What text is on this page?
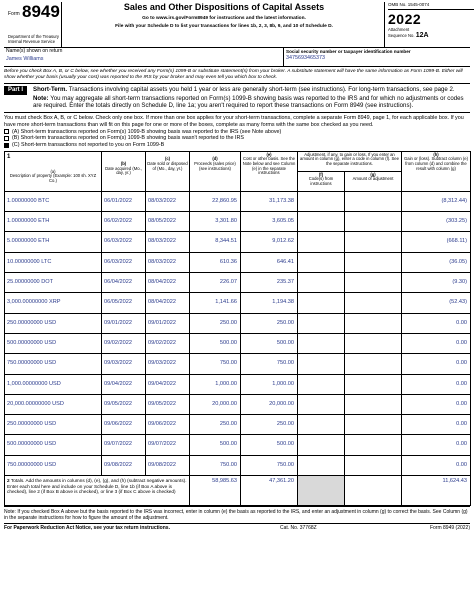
Form 8949
Department of the Treasury
Internal Revenue Service
Sales and Other Dispositions of Capital Assets
Go to www.irs.gov/Form8949 for instructions and the latest information.
File with your Schedule D to list your transactions for lines 1b, 2, 3, 8b, 9, and 10 of Schedule D.
OMB No. 1545-0074
2022
Attachment
Sequence No. 12A
Name(s) shown on return
James Williams
Social security number or taxpayer identification number
3475693465373
Before you check Box A, B, or C below, see whether you received any Form(s) 1099-B or substitute statement(s) from your broker. A substitute statement will have the same information as Form 1099-B. Either will show whether your basis (usually your cost) was reported to the IRS by your broker and may even tell you which box to check.
Part I	Short-Term. Transactions involving capital assets you held 1 year or less are generally short-term (see instructions). For long-term transactions, see page 2.
Note: You may aggregate all short-term transactions reported on Form(s) 1099-B showing basis was reported to the IRS and for which no adjustments or codes are required. Enter the totals directly on Schedule D, line 1a; you aren't required to report these transactions on Form 8949 (see instructions).
You must check Box A, B, or C below. Check only one box. If more than one box applies for your short-term transactions, complete a separate Form 8949, page 1, for each applicable box. If you have more short-term transactions than will fit on this page for one or more of the boxes, complete as many forms with the same box checked as you need.
(A) Short-term transactions reported on Form(s) 1099-B showing basis was reported to the IRS (see Note above)
(B) Short-term transactions reported on Form(s) 1099-B showing basis wasn't reported to the IRS
(C) Short-term transactions not reported to you on Form 1099-B
1

(a)
Description of property (Example: 100 sh. XYZ Co.)	(b)
Date acquired (Mo., day, yr.)	(c)
Date sold or disposed of (Mo., day, yr.)	(d)
Proceeds (sales price) (see instructions)	(e)
Cost or other basis. See the Note below and see Column (e) in the separate instructions	Adjustment, if any, to gain or loss. If you enter an amount in column (g), enter a code in column (f). See the separate instructions.		(h)
Gain or (loss). Subtract column (e) from column (d) and combine the result with column (g)

					(f)
Code(s) from instructions	(g)
Amount of adjustment	
1.00000000 BTC	06/01/2022	08/03/2022	22,860.95	31,173.38			(8,312.44)
1.00000000 ETH	06/02/2022	08/05/2022	3,301.80	3,605.05			(303.25)
5.00000000 ETH	06/03/2022	08/03/2022	8,344.51	9,012.62			(668.11)
10.00000000 LTC	06/03/2022	08/03/2022	610.36	646.41			(36.05)
25.00000000 DOT	06/04/2022	08/04/2022	226.07	235.37			(9.30)
3,000.00000000 XRP	06/05/2022	08/04/2022	1,141.66	1,194.38			(52.43)
250.00000000 USD	09/01/2022	09/01/2022	250.00	250.00			0.00
500.00000000 USD	09/02/2022	09/02/2022	500.00	500.00			0.00
750.00000000 USD	09/03/2022	09/03/2022	750.00	750.00			0.00
1,000.00000000 USD	09/04/2022	09/04/2022	1,000.00	1,000.00			0.00
20,000.00000000 USD	09/05/2022	09/05/2022	20,000.00	20,000.00			0.00
250.00000000 USD	09/06/2022	09/06/2022	250.00	250.00			0.00
500.00000000 USD	09/07/2022	09/07/2022	500.00	500.00			0.00
750.00000000 USD	09/08/2022	09/08/2022	750.00	750.00			0.00
2 Totals. Add the amounts in columns (d), (e), (g), and (h) (subtract negative amounts). Enter each total here and include on your Schedule D, line 1b (if Box A above is checked), line 2 (if Box B above is checked), or line 3 (if Box C above is checked)			58,985.63	47,361.20			11,624.43
Note: If you checked Box A above but the basis reported to the IRS was incorrect, enter in column (e) the basis as reported to the IRS, and enter an adjustment in column (g) to correct the basis. See Column (g) in the separate instructions for how to figure the amount of the adjustment.
For Paperwork Reduction Act Notice, see your tax return instructions.	Cat. No. 37768Z	Form 8949 (2022)
